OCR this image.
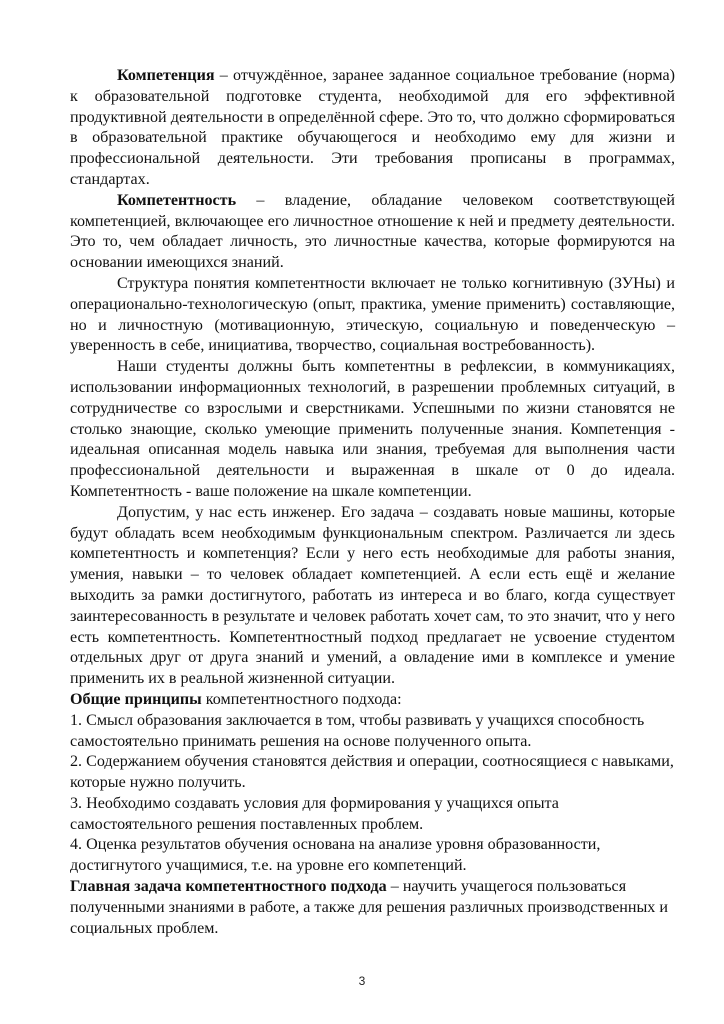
Компетенция – отчуждённое, заранее заданное социальное требование (норма) к образовательной подготовке студента, необходимой для его эффективной продуктивной деятельности в определённой сфере. Это то, что должно сформироваться в образовательной практике обучающегося и необходимо ему для жизни и профессиональной деятельности. Эти требования прописаны в программах, стандартах.

Компетентность – владение, обладание человеком соответствующей компетенцией, включающее его личностное отношение к ней и предмету деятельности. Это то, чем обладает личность, это личностные качества, которые формируются на основании имеющихся знаний.

Структура понятия компетентности включает не только когнитивную (ЗУНы) и операционально-технологическую (опыт, практика, умение применить) составляющие, но и личностную (мотивационную, этическую, социальную и поведенческую – уверенность в себе, инициатива, творчество, социальная востребованность).

Наши студенты должны быть компетентны в рефлексии, в коммуникациях, использовании информационных технологий, в разрешении проблемных ситуаций, в сотрудничестве со взрослыми и сверстниками. Успешными по жизни становятся не столько знающие, сколько умеющие применить полученные знания. Компетенция - идеальная описанная модель навыка или знания, требуемая для выполнения части профессиональной деятельности и выраженная в шкале от 0 до идеала. Компетентность - ваше положение на шкале компетенции.

Допустим, у нас есть инженер. Его задача – создавать новые машины, которые будут обладать всем необходимым функциональным спектром. Различается ли здесь компетентность и компетенция? Если у него есть необходимые для работы знания, умения, навыки – то человек обладает компетенцией. А если есть ещё и желание выходить за рамки достигнутого, работать из интереса и во благо, когда существует заинтересованность в результате и человек работать хочет сам, то это значит, что у него есть компетентность. Компетентностный подход предлагает не усвоение студентом отдельных друг от друга знаний и умений, а овладение ими в комплексе и умение применить их в реальной жизненной ситуации.

Общие принципы компетентностного подхода:

1. Смысл образования заключается в том, чтобы развивать у учащихся способность самостоятельно принимать решения на основе полученного опыта.

2. Содержанием обучения становятся действия и операции, соотносящиеся с навыками, которые нужно получить.

3. Необходимо создавать условия для формирования у учащихся опыта самостоятельного решения поставленных проблем.

4. Оценка результатов обучения основана на анализе уровня образованности, достигнутого учащимися, т.е. на уровне его компетенций.

Главная задача компетентностного подхода – научить учащегося пользоваться полученными знаниями в работе, а также для решения различных производственных и социальных проблем.

3
